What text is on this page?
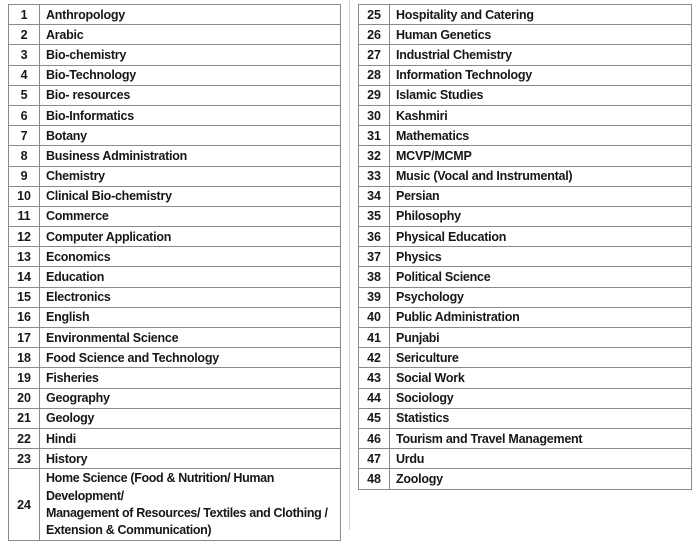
1	Anthropology
2	Arabic
3	Bio-chemistry
4	Bio-Technology
5	Bio- resources
6	Bio-Informatics
7	Botany
8	Business Administration
9	Chemistry
10	Clinical Bio-chemistry
11	Commerce
12	Computer Application
13	Economics
14	Education
15	Electronics
16	English
17	Environmental Science
18	Food Science and Technology
19	Fisheries
20	Geography
21	Geology
22	Hindi
23	History
24	Home Science (Food & Nutrition/ Human Development/
Management of Resources/ Textiles and Clothing /
Extension & Communication)
25	Hospitality and Catering
26	Human Genetics
27	Industrial Chemistry
28	Information Technology
29	Islamic Studies
30	Kashmiri
31	Mathematics
32	MCVP/MCMP
33	Music (Vocal and Instrumental)
34	Persian
35	Philosophy
36	Physical Education
37	Physics
38	Political Science
39	Psychology
40	Public Administration
41	Punjabi
42	Sericulture
43	Social Work
44	Sociology
45	Statistics
46	Tourism and Travel Management
47	Urdu
48	Zoology
